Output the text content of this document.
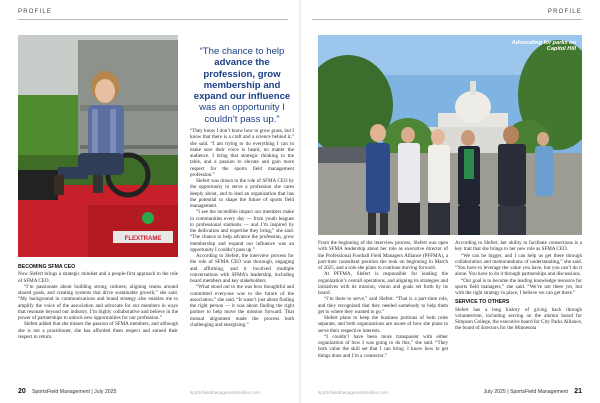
PROFILE	PROFILE
FLEXTRAME
“The chance to help advance the profession, grow membership and expand our influence was an opportunity I couldn’t pass up.”
BECOMING SFMA CEO

Now Slefert brings a strategic mindset and a people-first approach to the role of SFMA CEO.

“I’m passionate about building strong cultures, aligning teams around shared goals, and creating systems that drive sustainable growth,” she said. “My background in communications and brand strategy also enables me to amplify the voice of the association and advocate for our members in ways that resonate beyond our industry. I’m highly collaborative and believe in the power of partnerships to unlock new opportunities for our profession.”

Slefert added that she misses the passion of SFMA members, and although she is not a practitioner, she has afforded them respect and earned their respect in return.

“They know I don’t know how to grow grass, but I know that there is a craft and a science behind it,” she said. “I am trying to do everything I can to make sure their voice is heard, no matter the audience. I bring that strategic thinking to the table, and a passion to elevate and gain more respect for the sports field management profession.”

Slefert was drawn to the role of SFMA CEO by the opportunity to serve a profession she cares deeply about, and to lead an organization that has the potential to shape the future of sports field management.

“I see the incredible impact our members make in communities every day — from youth leagues to professional stadiums — and I’m inspired by the dedication and expertise they bring,” she said. “The chance to help advance the profession, grow membership and expand our influence was an opportunity I couldn’t pass up.”

According to Slefert, the interview process for the role of SFMA CEO was thorough, engaging and affirming, and it involved multiple conversations with SFMA’s leadership, including board members and key stakeholders.

“What stood out to me was how thoughtful and committed everyone was to the future of the association,” she said. “It wasn’t just about finding the right person — it was about finding the right partner to help move the mission forward. That mutual alignment made the process both challenging and energizing.”

Advocating for parks on Capitol Hill

From the beginning of the interview process, Slefert was open with SFMA leadership about her role as executive director of the Professional Football Field Managers Alliance (PFFMA), a part-time consultant position she took on beginning in March of 2025, and a role she plans to continue moving forward.

At PFFMA, Slefert is responsible for leading the organization’s overall operations, and aligning its strategies and initiatives with its mission, vision and goals set forth by its board.

“I’m there to serve,” said Slefert. “That is a part-time role, and they recognized that they needed somebody to help them get to where they wanted to go.”

Slefert plans to keep the business portions of both roles separate, and both organizations are aware of how she plans to serve their respective interests.

“I couldn’t have been more transparent with either organization of how I was going to do this,” she said. “They both value the skill set that I can bring. I know how to get things done and I’m a connector.”

According to Slefert, her ability to facilitate connections is a key trait that she brings to her new role as SFMA CEO.

“We can be bigger, and I can help us get there through collaboration and memorandums of understanding,” she said. “You have to leverage the value you have, but you can’t do it alone. You have to do it through partnerships and discussions.

“Our goal is to become the leading knowledge resource for sports field managers,” she said. “We’re not there yet, but with the right strategy in place, I believe we can get there.”

SERVICE TO OTHERS

Slefert has a long history of giving back through volunteerism, including serving on the alumni board for Simpson College, the executive board for City Parks Alliance, the board of directors for the Minnesota

20 SportsField Management | July 2025	sportsfieldmanagementonline.com	sportsfieldmanagementonline.com	July 2025 | SportsField Management 21
